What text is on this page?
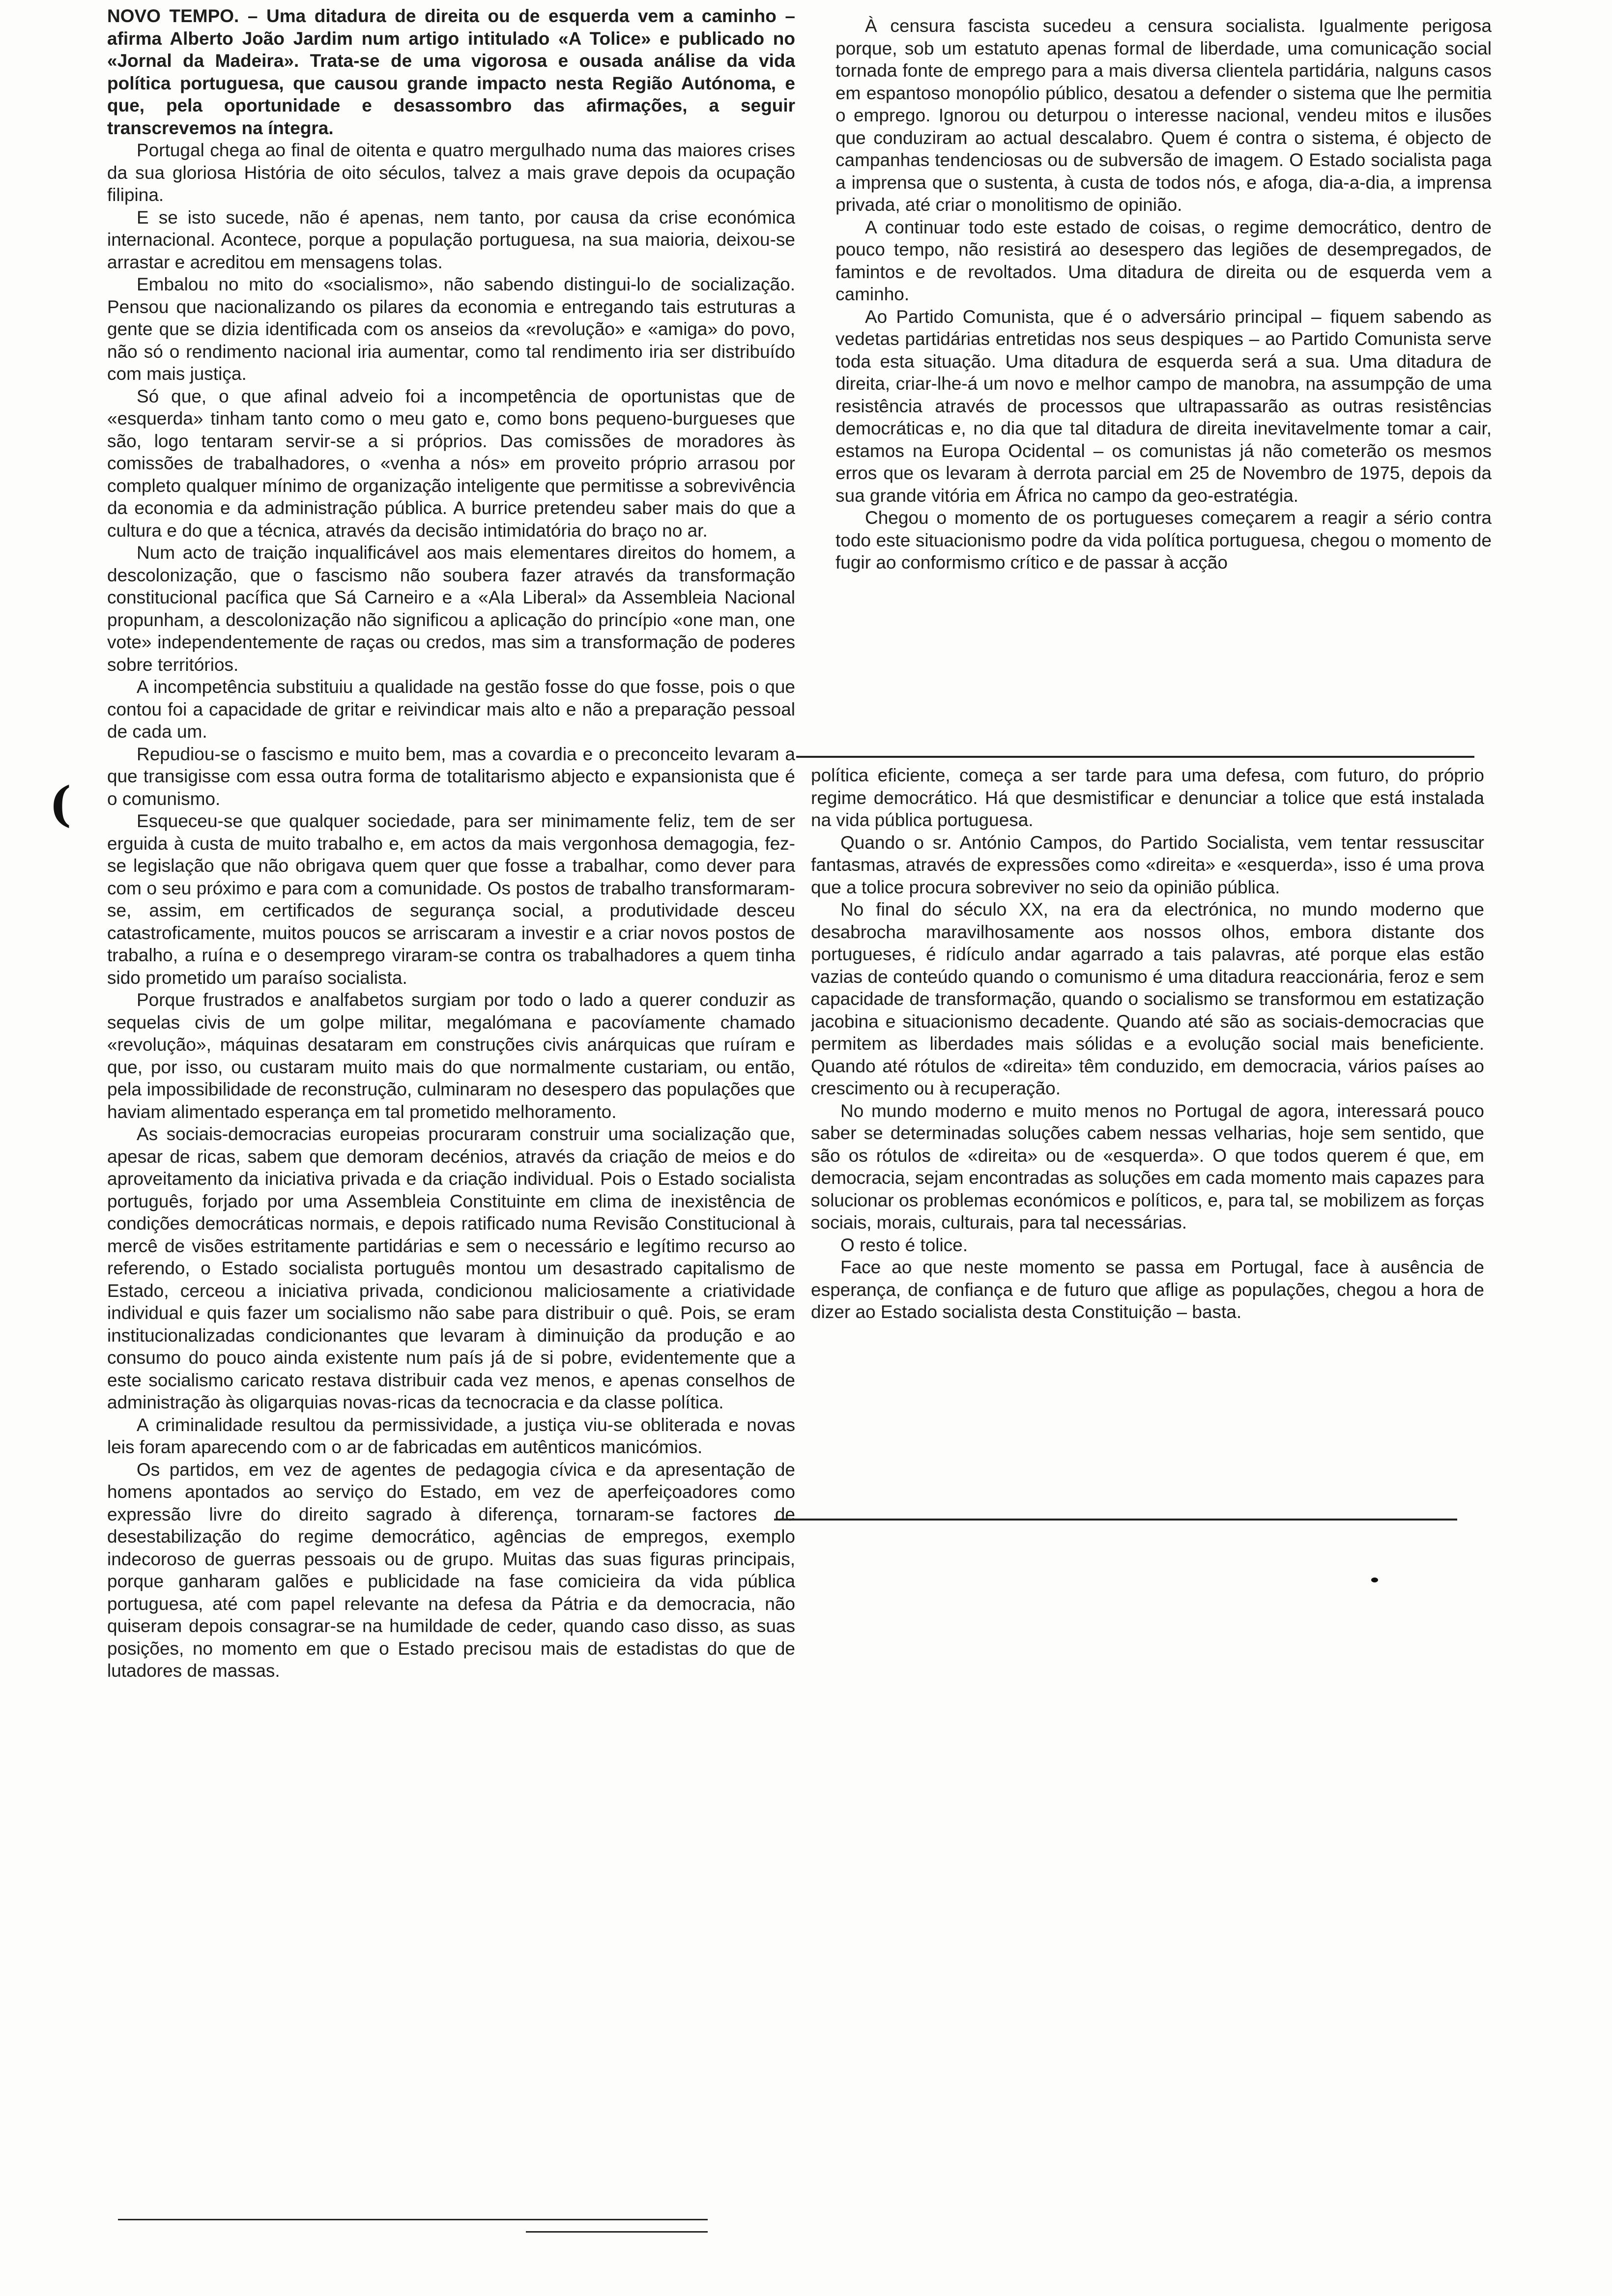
NOVO TEMPO. – Uma ditadura de direita ou de esquerda vem a caminho – afirma Alberto João Jardim num artigo intitulado «A Tolice» e publicado no «Jornal da Madeira». Trata-se de uma vigorosa e ousada análise da vida política portuguesa, que causou grande impacto nesta Região Autónoma, e que, pela oportunidade e desassombro das afirmações, a seguir transcrevemos na íntegra.

Portugal chega ao final de oitenta e quatro mergulhado numa das maiores crises da sua gloriosa História de oito séculos, talvez a mais grave depois da ocupação filipina.

E se isto sucede, não é apenas, nem tanto, por causa da crise económica internacional. Acontece, porque a população portuguesa, na sua maioria, deixou-se arrastar e acreditou em mensagens tolas.

Embalou no mito do «socialismo», não sabendo distingui-lo de socialização. Pensou que nacionalizando os pilares da economia e entregando tais estruturas a gente que se dizia identificada com os anseios da «revolução» e «amiga» do povo, não só o rendimento nacional iria aumentar, como tal rendimento iria ser distribuído com mais justiça.

Só que, o que afinal adveio foi a incompetência de oportunistas que de «esquerda» tinham tanto como o meu gato e, como bons pequeno-burgueses que são, logo tentaram servir-se a si próprios. Das comissões de moradores às comissões de trabalhadores, o «venha a nós» em proveito próprio arrasou por completo qualquer mínimo de organização inteligente que permitisse a sobrevivência da economia e da administração pública. A burrice pretendeu saber mais do que a cultura e do que a técnica, através da decisão intimidatória do braço no ar.

Num acto de traição inqualificável aos mais elementares direitos do homem, a descolonização, que o fascismo não soubera fazer através da transformação constitucional pacífica que Sá Carneiro e a «Ala Liberal» da Assembleia Nacional propunham, a descolonização não significou a aplicação do princípio «one man, one vote» independentemente de raças ou credos, mas sim a transformação de poderes sobre territórios.

A incompetência substituiu a qualidade na gestão fosse do que fosse, pois o que contou foi a capacidade de gritar e reivindicar mais alto e não a preparação pessoal de cada um.

Repudiou-se o fascismo e muito bem, mas a covardia e o preconceito levaram a que transigisse com essa outra forma de totalitarismo abjecto e expansionista que é o comunismo.

Esqueceu-se que qualquer sociedade, para ser minimamente feliz, tem de ser erguida à custa de muito trabalho e, em actos da mais vergonhosa demagogia, fez-se legislação que não obrigava quem quer que fosse a trabalhar, como dever para com o seu próximo e para com a comunidade. Os postos de trabalho transformaram-se, assim, em certificados de segurança social, a produtividade desceu catastroficamente, muitos poucos se arriscaram a investir e a criar novos postos de trabalho, a ruína e o desemprego viraram-se contra os trabalhadores a quem tinha sido prometido um paraíso socialista.

Porque frustrados e analfabetos surgiam por todo o lado a querer conduzir as sequelas civis de um golpe militar, megalómana e pacovíamente chamado «revolução», máquinas desataram em construções civis anárquicas que ruíram e que, por isso, ou custaram muito mais do que normalmente custariam, ou então, pela impossibilidade de reconstrução, culminaram no desespero das populações que haviam alimentado esperança em tal prometido melhoramento.

As sociais-democracias europeias procuraram construir uma socialização que, apesar de ricas, sabem que demoram decénios, através da criação de meios e do aproveitamento da iniciativa privada e da criação individual. Pois o Estado socialista português, forjado por uma Assembleia Constituinte em clima de inexistência de condições democráticas normais, e depois ratificado numa Revisão Constitucional à mercê de visões estritamente partidárias e sem o necessário e legítimo recurso ao referendo, o Estado socialista português montou um desastrado capitalismo de Estado, cerceou a iniciativa privada, condicionou maliciosamente a criatividade individual e quis fazer um socialismo não sabe para distribuir o quê. Pois, se eram institucionalizadas condicionantes que levaram à diminuição da produção e ao consumo do pouco ainda existente num país já de si pobre, evidentemente que a este socialismo caricato restava distribuir cada vez menos, e apenas conselhos de administração às oligarquias novas-ricas da tecnocracia e da classe política.

A criminalidade resultou da permissividade, a justiça viu-se obliterada e novas leis foram aparecendo com o ar de fabricadas em autênticos manicómios.

Os partidos, em vez de agentes de pedagogia cívica e da apresentação de homens apontados ao serviço do Estado, em vez de aperfeiçoadores como expressão livre do direito sagrado à diferença, tornaram-se factores de desestabilização do regime democrático, agências de empregos, exemplo indecoroso de guerras pessoais ou de grupo. Muitas das suas figuras principais, porque ganharam galões e publicidade na fase comicieira da vida pública portuguesa, até com papel relevante na defesa da Pátria e da democracia, não quiseram depois consagrar-se na humildade de ceder, quando caso disso, as suas posições, no momento em que o Estado precisou mais de estadistas do que de lutadores de massas.

À censura fascista sucedeu a censura socialista. Igualmente perigosa porque, sob um estatuto apenas formal de liberdade, uma comunicação social tornada fonte de emprego para a mais diversa clientela partidária, nalguns casos em espantoso monopólio público, desatou a defender o sistema que lhe permitia o emprego. Ignorou ou deturpou o interesse nacional, vendeu mitos e ilusões que conduziram ao actual descalabro. Quem é contra o sistema, é objecto de campanhas tendenciosas ou de subversão de imagem. O Estado socialista paga a imprensa que o sustenta, à custa de todos nós, e afoga, dia-a-dia, a imprensa privada, até criar o monolitismo de opinião.

A continuar todo este estado de coisas, o regime democrático, dentro de pouco tempo, não resistirá ao desespero das legiões de desempregados, de famintos e de revoltados. Uma ditadura de direita ou de esquerda vem a caminho.

Ao Partido Comunista, que é o adversário principal – fiquem sabendo as vedetas partidárias entretidas nos seus despiques – ao Partido Comunista serve toda esta situação. Uma ditadura de esquerda será a sua. Uma ditadura de direita, criar-lhe-á um novo e melhor campo de manobra, na assumpção de uma resistência através de processos que ultrapassarão as outras resistências democráticas e, no dia que tal ditadura de direita inevitavelmente tomar a cair, estamos na Europa Ocidental – os comunistas já não cometerão os mesmos erros que os levaram à derrota parcial em 25 de Novembro de 1975, depois da sua grande vitória em África no campo da geo-estratégia.

Chegou o momento de os portugueses começarem a reagir a sério contra todo este situacionismo podre da vida política portuguesa, chegou o momento de fugir ao conformismo crítico e de passar à acção

política eficiente, começa a ser tarde para uma defesa, com futuro, do próprio regime democrático. Há que desmistificar e denunciar a tolice que está instalada na vida pública portuguesa.

Quando o sr. António Campos, do Partido Socialista, vem tentar ressuscitar fantasmas, através de expressões como «direita» e «esquerda», isso é uma prova que a tolice procura sobreviver no seio da opinião pública.

No final do século XX, na era da electrónica, no mundo moderno que desabrocha maravilhosamente aos nossos olhos, embora distante dos portugueses, é ridículo andar agarrado a tais palavras, até porque elas estão vazias de conteúdo quando o comunismo é uma ditadura reaccionária, feroz e sem capacidade de transformação, quando o socialismo se transformou em estatização jacobina e situacionismo decadente. Quando até são as sociais-democracias que permitem as liberdades mais sólidas e a evolução social mais beneficiente. Quando até rótulos de «direita» têm conduzido, em democracia, vários países ao crescimento ou à recuperação.

No mundo moderno e muito menos no Portugal de agora, interessará pouco saber se determinadas soluções cabem nessas velharias, hoje sem sentido, que são os rótulos de «direita» ou de «esquerda». O que todos querem é que, em democracia, sejam encontradas as soluções em cada momento mais capazes para solucionar os problemas económicos e políticos, e, para tal, se mobilizem as forças sociais, morais, culturais, para tal necessárias.

O resto é tolice.

Face ao que neste momento se passa em Portugal, face à ausência de esperança, de confiança e de futuro que aflige as populações, chegou a hora de dizer ao Estado socialista desta Constituição – basta.

(
